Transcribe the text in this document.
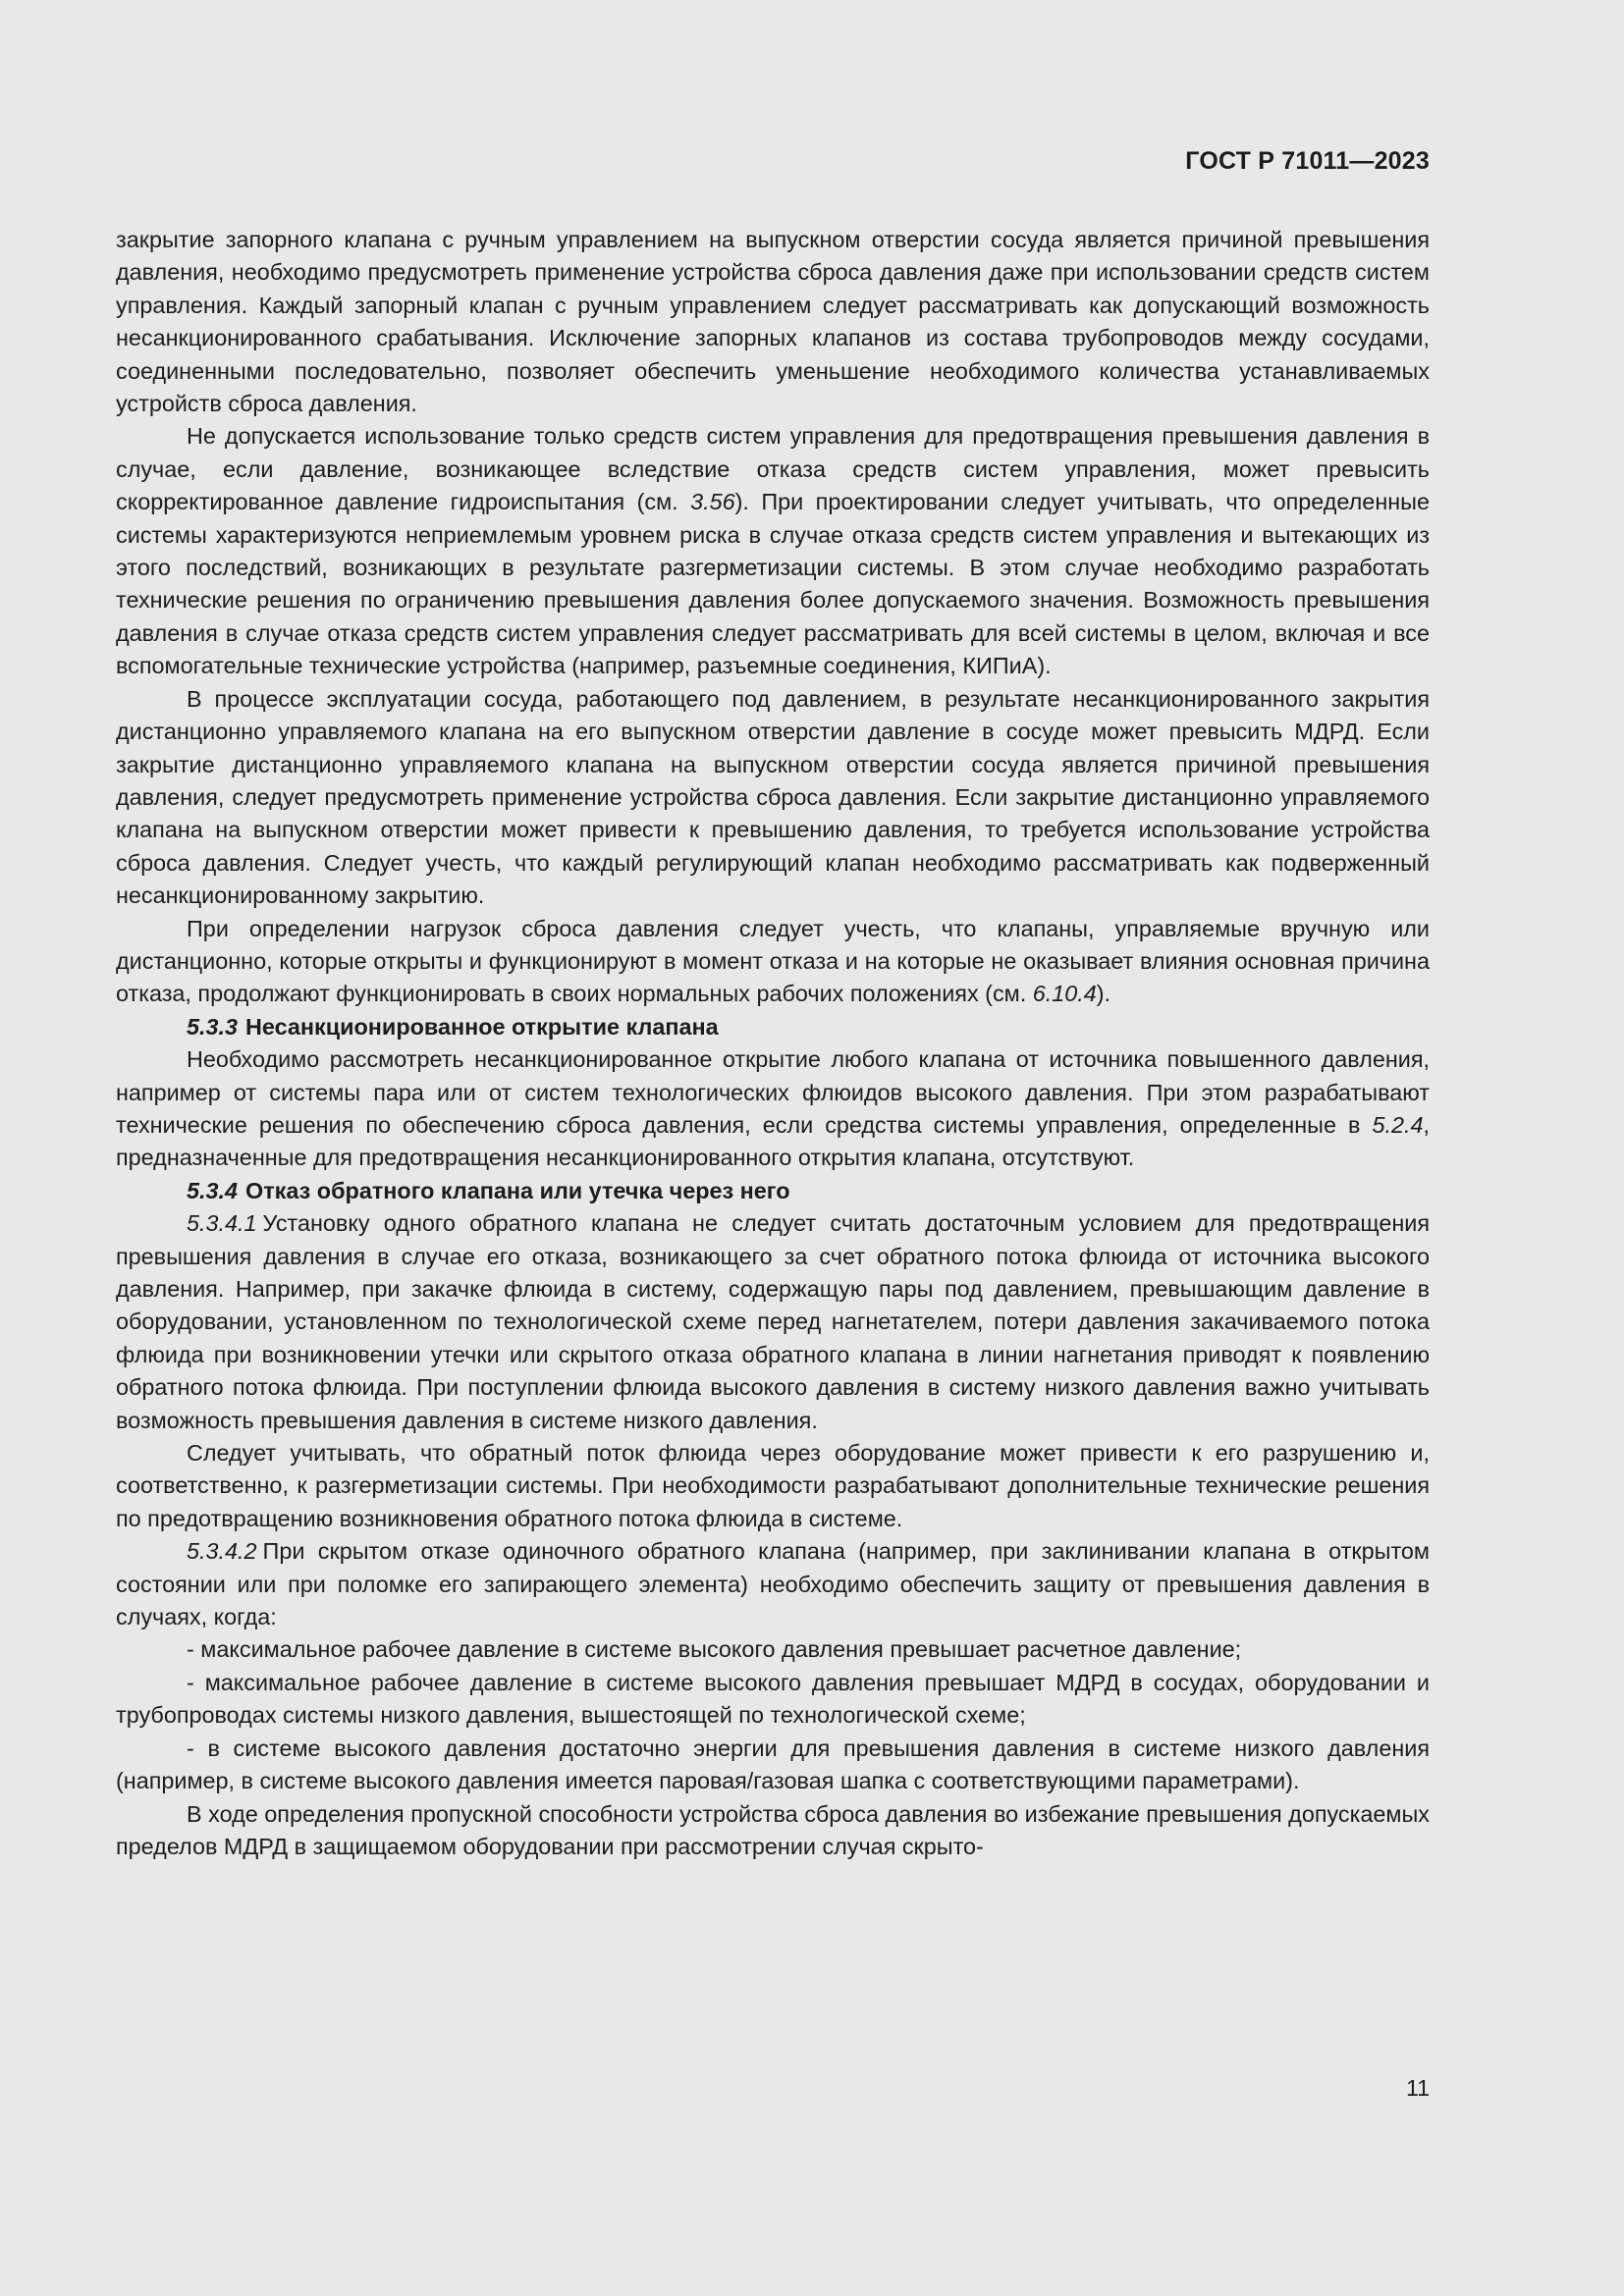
ГОСТ Р 71011—2023

закрытие запорного клапана с ручным управлением на выпускном отверстии сосуда является причиной превышения давления, необходимо предусмотреть применение устройства сброса давления даже при использовании средств систем управления. Каждый запорный клапан с ручным управлением следует рассматривать как допускающий возможность несанкционированного срабатывания. Исключение запорных клапанов из состава трубопроводов между сосудами, соединенными последовательно, позволяет обеспечить уменьшение необходимого количества устанавливаемых устройств сброса давления.

Не допускается использование только средств систем управления для предотвращения превышения давления в случае, если давление, возникающее вследствие отказа средств систем управления, может превысить скорректированное давление гидроиспытания (см. 3.56). При проектировании следует учитывать, что определенные системы характеризуются неприемлемым уровнем риска в случае отказа средств систем управления и вытекающих из этого последствий, возникающих в результате разгерметизации системы. В этом случае необходимо разработать технические решения по ограничению превышения давления более допускаемого значения. Возможность превышения давления в случае отказа средств систем управления следует рассматривать для всей системы в целом, включая и все вспомогательные технические устройства (например, разъемные соединения, КИПиА).

В процессе эксплуатации сосуда, работающего под давлением, в результате несанкционированного закрытия дистанционно управляемого клапана на его выпускном отверстии давление в сосуде может превысить МДРД. Если закрытие дистанционно управляемого клапана на выпускном отверстии сосуда является причиной превышения давления, следует предусмотреть применение устройства сброса давления. Если закрытие дистанционно управляемого клапана на выпускном отверстии может привести к превышению давления, то требуется использование устройства сброса давления. Следует учесть, что каждый регулирующий клапан необходимо рассматривать как подверженный несанкционированному закрытию.

При определении нагрузок сброса давления следует учесть, что клапаны, управляемые вручную или дистанционно, которые открыты и функционируют в момент отказа и на которые не оказывает влияния основная причина отказа, продолжают функционировать в своих нормальных рабочих положениях (см. 6.10.4).

5.3.3 Несанкционированное открытие клапана

Необходимо рассмотреть несанкционированное открытие любого клапана от источника повышенного давления, например от системы пара или от систем технологических флюидов высокого давления. При этом разрабатывают технические решения по обеспечению сброса давления, если средства системы управления, определенные в 5.2.4, предназначенные для предотвращения несанкционированного открытия клапана, отсутствуют.

5.3.4 Отказ обратного клапана или утечка через него

5.3.4.1 Установку одного обратного клапана не следует считать достаточным условием для предотвращения превышения давления в случае его отказа, возникающего за счет обратного потока флюида от источника высокого давления. Например, при закачке флюида в систему, содержащую пары под давлением, превышающим давление в оборудовании, установленном по технологической схеме перед нагнетателем, потери давления закачиваемого потока флюида при возникновении утечки или скрытого отказа обратного клапана в линии нагнетания приводят к появлению обратного потока флюида. При поступлении флюида высокого давления в систему низкого давления важно учитывать возможность превышения давления в системе низкого давления.

Следует учитывать, что обратный поток флюида через оборудование может привести к его разрушению и, соответственно, к разгерметизации системы. При необходимости разрабатывают дополнительные технические решения по предотвращению возникновения обратного потока флюида в системе.

5.3.4.2 При скрытом отказе одиночного обратного клапана (например, при заклинивании клапана в открытом состоянии или при поломке его запирающего элемента) необходимо обеспечить защиту от превышения давления в случаях, когда:

- максимальное рабочее давление в системе высокого давления превышает расчетное давление;

- максимальное рабочее давление в системе высокого давления превышает МДРД в сосудах, оборудовании и трубопроводах системы низкого давления, вышестоящей по технологической схеме;

- в системе высокого давления достаточно энергии для превышения давления в системе низкого давления (например, в системе высокого давления имеется паровая/газовая шапка с соответствующими параметрами).

В ходе определения пропускной способности устройства сброса давления во избежание превышения допускаемых пределов МДРД в защищаемом оборудовании при рассмотрении случая скрыто-

11
